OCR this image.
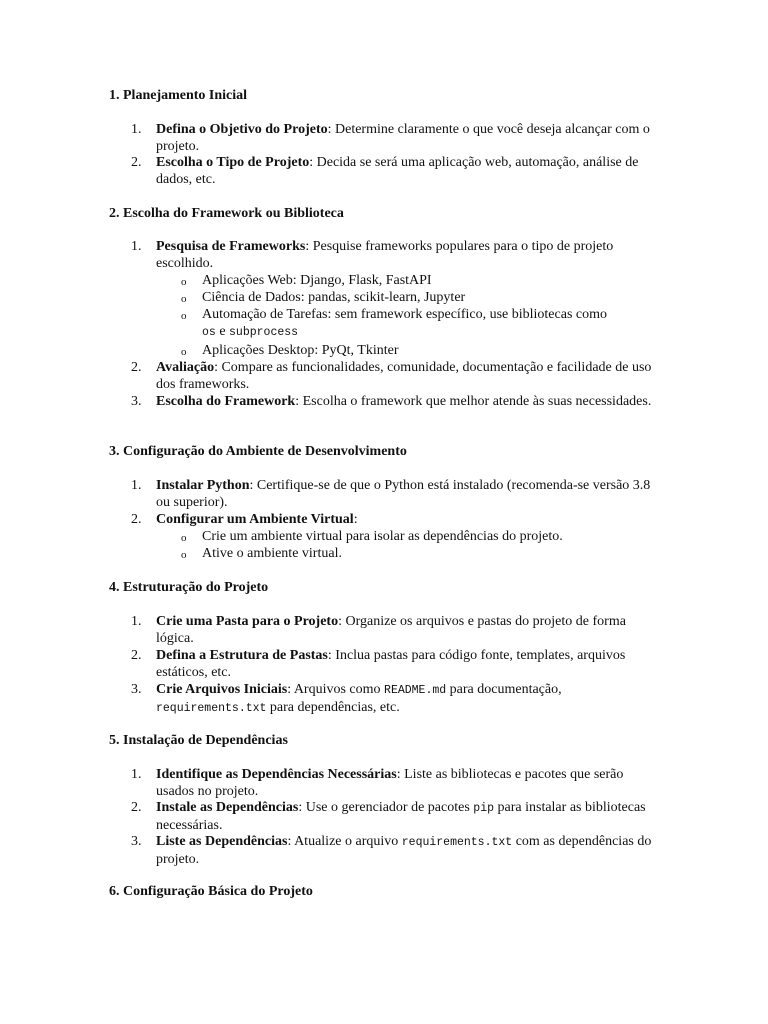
1. Planejamento Inicial
1. Defina o Objetivo do Projeto: Determine claramente o que você deseja alcançar com o projeto.
2. Escolha o Tipo de Projeto: Decida se será uma aplicação web, automação, análise de dados, etc.
2. Escolha do Framework ou Biblioteca
1. Pesquisa de Frameworks: Pesquise frameworks populares para o tipo de projeto escolhido.
o Aplicações Web: Django, Flask, FastAPI
o Ciência de Dados: pandas, scikit-learn, Jupyter
o Automação de Tarefas: sem framework específico, use bibliotecas como
os e subprocess
o Aplicações Desktop: PyQt, Tkinter
2. Avaliação: Compare as funcionalidades, comunidade, documentação e facilidade de uso dos frameworks.
3. Escolha do Framework: Escolha o framework que melhor atende às suas necessidades.
3. Configuração do Ambiente de Desenvolvimento
1. Instalar Python: Certifique-se de que o Python está instalado (recomenda-se versão 3.8 ou superior).
2. Configurar um Ambiente Virtual:
o Crie um ambiente virtual para isolar as dependências do projeto.
o Ative o ambiente virtual.
4. Estruturação do Projeto
1. Crie uma Pasta para o Projeto: Organize os arquivos e pastas do projeto de forma lógica.
2. Defina a Estrutura de Pastas: Inclua pastas para código fonte, templates, arquivos estáticos, etc.
3. Crie Arquivos Iniciais: Arquivos como README.md para documentação,
requirements.txt para dependências, etc.
5. Instalação de Dependências
1. Identifique as Dependências Necessárias: Liste as bibliotecas e pacotes que serão usados no projeto.
2. Instale as Dependências: Use o gerenciador de pacotes pip para instalar as bibliotecas necessárias.
3. Liste as Dependências: Atualize o arquivo requirements.txt com as dependências do projeto.
6. Configuração Básica do Projeto
